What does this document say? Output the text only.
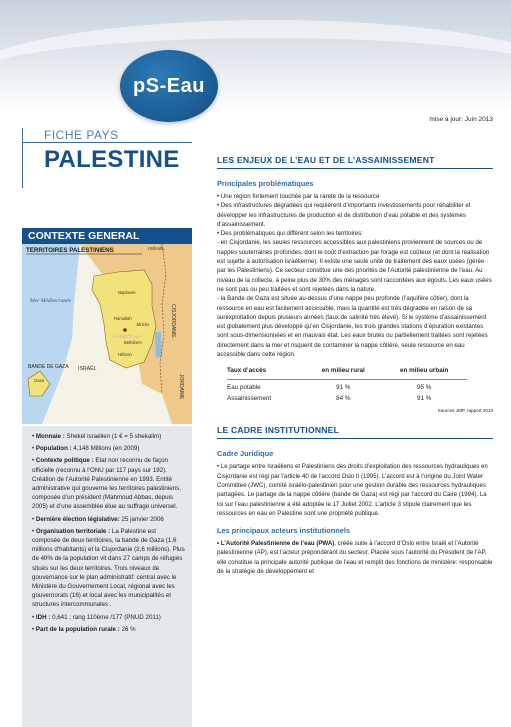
pS-Eau
mise à jour: Juin 2013
FICHE PAYS
PALESTINE
CONTEXTE GENERAL
TERRITOIRES PALESTINIENS
Mer Méditerranée
ISRAËL
BANDE DE GAZA ISRAËL
CISJORDANIE
JERUSALEM
JORDANIE
Naplouse
Ramallah
Hébron
Jéricho
Bethléem
Gaza

• Monnaie : Shekel israélien (1 € = 5 shekalim)

• Population : 4,148 Millions (en 2009)

• Contexte politique : Etat non reconnu de façon officielle (reconnu à l’ONU par 117 pays sur 192). Création de l’Autorité Palestinienne en 1993. Entité administrative qui gouverne les territoires palestiniens, composée d’un président (Mahmoud Abbas, depuis 2005) et d’une assemblée élue au suffrage universel.

• Dernière élection législative: 25 janvier 2006

• Organisation territoriale : La Palestine est composée de deux territoires, la bande de Gaza (1,6 millions d’habitants) et la Cisjordanie (2,6 millions). Plus de 40% de la population vit dans 27 camps de réfugiés situés sur les deux territoires. Trois niveaux de gouvernance sur le plan administratif: central avec le Ministère du Gouvernement Local, régional avec les gouvernorats (16) et local avec les municipalités et structures intercommunales .

• IDH : 0,641 ; rang 110ème /177 (PNUD 2011)

• Part de la population rurale : 26 %

LES ENJEUX DE L’EAU ET DE L’ASSAINISSEMENT
Principales problématiques

• Une région fortement touchée par la rareté de la ressource

• Des infrastructures dégradées qui requièrent d’importants investissements pour réhabiliter et développer les infrastructures de production et de distribution d’eau potable et des systèmes d’assainissement.

• Des problématiques qui diffèrent selon les territoires:

- en Cisjordanie, les seules ressources accessibles aux palestiniens proviennent de sources ou de nappes souterraines profondes, dont le coût d’extraction par forage est coûteux (et dont la réalisation est sujette à autorisation israélienne). Il existe une seule unité de traitement des eaux usées (gérée par les Palestiniens). Ce secteur constitue une des priorités de l’Autorité palestinienne de l’eau. Au niveau de la collecte, à peine plus de 30% des ménages sont raccordées aux égouts. Les eaux usées ne sont pas ou peu traitées et sont rejetées dans la nature.

- la Bande de Gaza est située au-dessus d’une nappe peu profonde (l’aquifère côtier), dont la ressource en eau est facilement accessible, mais la quantité est très dégradée en raison de sa surexploitation depuis plusieurs années (taux de salinité très élevé). Si le système d’assainissement est globalement plus développé qu’en Cisjordanie, les trois grandes stations d’épuration existantes sont sous-dimensionnées et en mauvais état. Les eaux brutes ou partiellement traitées sont rejetées directement dans la mer et risquent de contaminer la nappe côtière, seule ressource en eau accessible dans cette région.

Taux d’accès	en milieu rural	en milieu urbain
Eau potable	91 %	95 %
Assainissement	84 %	91 %
Sources JMP, rapport 2010
LE CADRE INSTITUTIONNEL
Cadre Juridique
• Le partage entre Israéliens et Palestiniens des droits d’exploitation des ressources hydrauliques en Cisjordanie est régi par l’article 40 de l’accord Oslo II (1995). L’accord est à l’origine du Joint Water Committee (JWC), comité israélo-palestinien pour une gestion durable des ressources hydrauliques partagées. Le partage de la nappe côtière (bande de Gaza) est régi par l’accord du Caire (1994). La loi sur l’eau palestinienne a été adoptée le 17 Juillet 2002. L’article 3 stipule clairement que les ressources en eau en Palestine sont une propriété publique.
Les principaux acteurs institutionnels
• L’Autorité Palestinienne de l’eau (PWA), créée suite à l’accord d’Oslo entre Israël et l’Autorité palestinienne (AP), est l’acteur prépondérant du secteur. Placée sous l’autorité du Président de l’AP, elle constitue la principale autorité publique de l’eau et remplit des fonctions de ministère: responsable de la stratégie de développement et
